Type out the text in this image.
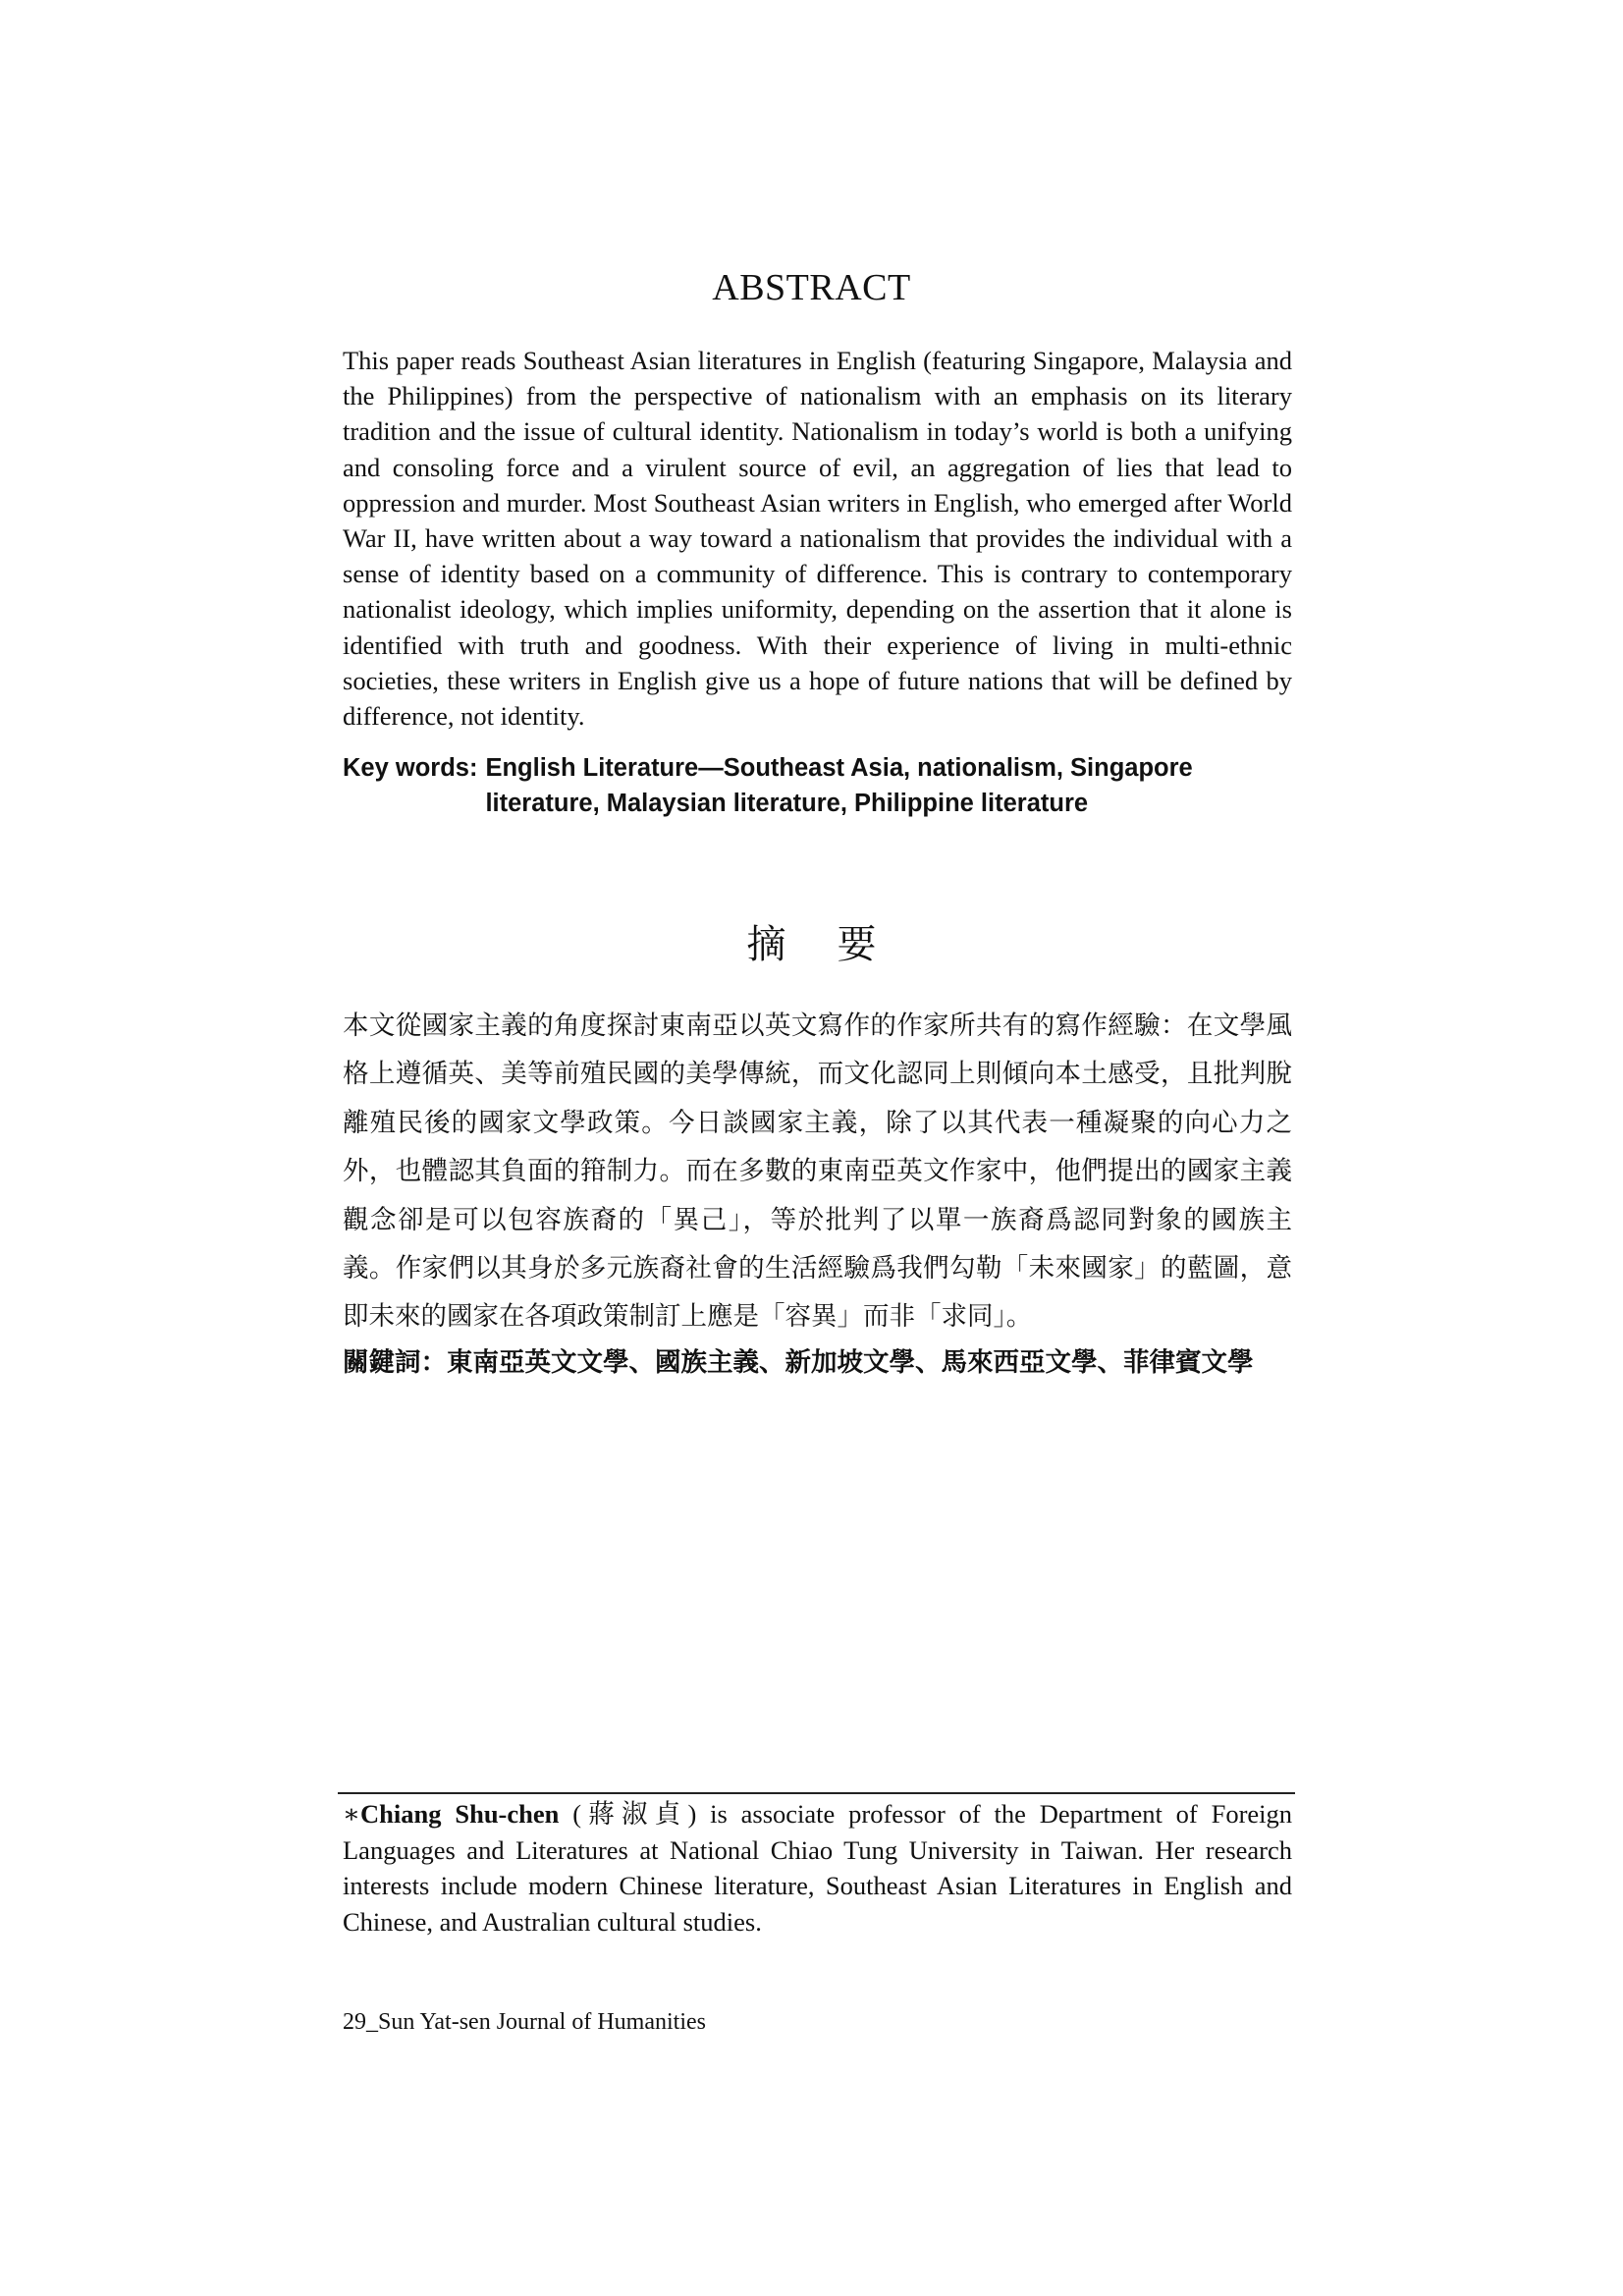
ABSTRACT

This paper reads Southeast Asian literatures in English (featuring Singapore, Malaysia and the Philippines) from the perspective of nationalism with an emphasis on its literary tradition and the issue of cultural identity. Nationalism in today’s world is both a unifying and consoling force and a virulent source of evil, an aggregation of lies that lead to oppression and murder. Most Southeast Asian writers in English, who emerged after World War II, have written about a way toward a nationalism that provides the individual with a sense of identity based on a community of difference. This is contrary to contemporary nationalist ideology, which implies uniformity, depending on the assertion that it alone is identified with truth and goodness. With their experience of living in multi-ethnic societies, these writers in English give us a hope of future nations that will be defined by difference, not identity.

Key words: English Literature—Southeast Asia, nationalism, Singapore literature, Malaysian literature, Philippine literature
摘要

本文從國家主義的角度探討東南亞以英文寫作的作家所共有的寫作經驗：在文學風格上遵循英、美等前殖民國的美學傳統，而文化認同上則傾向本土感受，且批判脫離殖民後的國家文學政策。今日談國家主義，除了以其代表一種凝聚的向心力之外，也體認其負面的箝制力。而在多數的東南亞英文作家中，他們提出的國家主義觀念卻是可以包容族裔的「異己」，等於批判了以單一族裔爲認同對象的國族主義。作家們以其身於多元族裔社會的生活經驗爲我們勾勒「未來國家」的藍圖，意即未來的國家在各項政策制訂上應是「容異」而非「求同」。

關鍵詞：東南亞英文文學、國族主義、新加坡文學、馬來西亞文學、菲律賓文學

∗Chiang Shu-chen (蔣淑貞) is associate professor of the Department of Foreign Languages and Literatures at National Chiao Tung University in Taiwan. Her research interests include modern Chinese literature, Southeast Asian Literatures in English and Chinese, and Australian cultural studies.

29_Sun Yat-sen Journal of Humanities
